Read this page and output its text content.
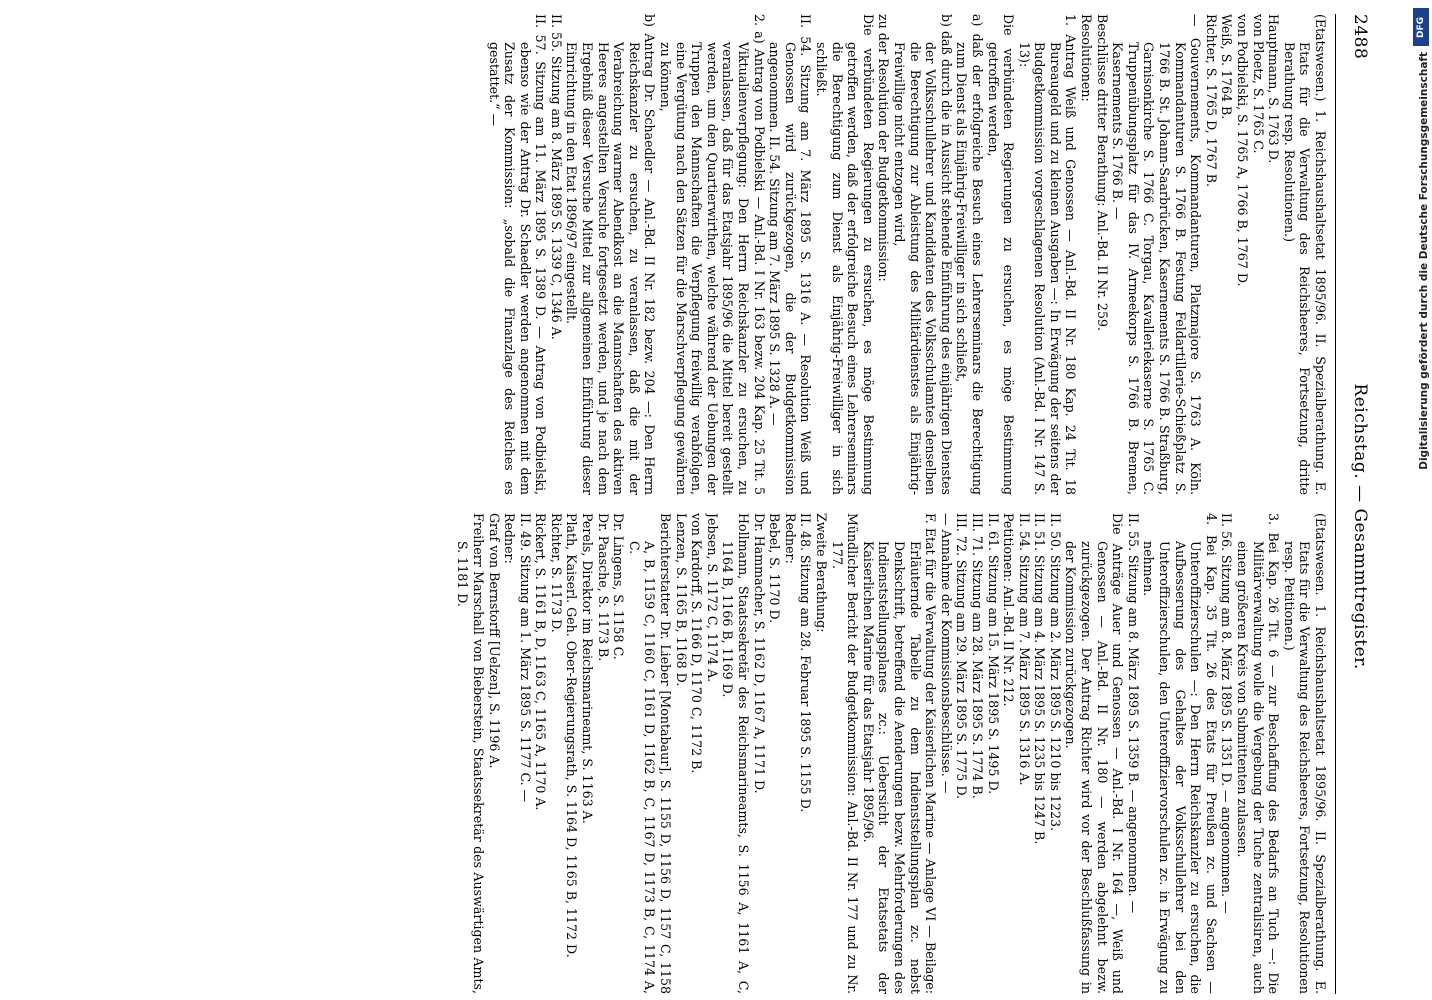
2488
Reichstag. — Gesammtregister.
(Etatswesen.) 1. Reichshaushaltsetat 1895/96. II. Spezialberathung. E. Etats für die Verwaltung des Reichsheeres, Fortsetzung, dritte Berathung resp. Resolutionen.)
Hauptmann, S. 1763 D.
von Ploetz, S. 1765 C.
von Podbielski, S. 1765 A, 1766 B, 1767 D.
Weiß, S. 1764 B.
Richter, S. 1765 D, 1767 B.
— Gouvernements, Kommandanturen, Platzmajore S. 1763 A. Köln. Kommandanturen S. 1766 B. Festung Feldartillerie-Schießplatz S. 1766 B. St. Johann-Saarbrücken, Kasernements S. 1766 B. Straßburg, Garnisonkirche S. 1766 C. Torgau, Kavalleriekaserne S. 1765 C. Truppenübungsplatz für das IV. Armeekorps S. 1766 B. Bremen, Kasernements S. 1766 B. —
Beschlüsse dritter Berathung: Anl.-Bd. II Nr. 259.
Resolutionen:
1. Antrag Weiß und Genossen — Anl.-Bd. II Nr. 180 Kap. 24 Tit. 18 Bureaugeld und zu kleinen Ausgaben —: In Erwägung der seitens der Budgetkommission vorgeschlagenen Resolution (Anl.-Bd. I Nr. 147 S. 13):
Die verbündeten Regierungen zu ersuchen, es möge Bestimmung getroffen werden,
a) daß der erfolgreiche Besuch eines Lehrerseminars die Berechtigung zum Dienst als Einjährig-Freiwilliger in sich schließt,
b) daß durch die in Aussicht stehende Einführung des einjährigen Dienstes der Volksschullehrer und Kandidaten des Volksschulamtes denselben die Berechtigung zur Ableistung des Militärdienstes als Einjährig-Freiwillige nicht entzogen wird,
zu der Resolution der Budgetkommission:
Die verbündeten Regierungen zu ersuchen, es möge Bestimmung getroffen werden, daß der erfolgreiche Besuch eines Lehrerseminars die Berechtigung zum Dienst als Einjährig-Freiwilliger in sich schließt.
II. 54. Sitzung am 7. März 1895 S. 1316 A. — Resolution Weiß und Genossen wird zurückgezogen, die der Budgetkommission angenommen. II. 54. Sitzung am 7. März 1895 S. 1328 A. —
2. a) Antrag von Podbielski — Anl.-Bd. I Nr. 163 bezw. 204 Kap. 25 Tit. 5 Viktualienverpflegung: Den Herrn Reichskanzler zu ersuchen, zu veranlassen, daß für das Etatsjahr 1895/96 die Mittel bereit gestellt werden, um den Quartierwirthen, welche während der Uebungen der Truppen den Mannschaften die Verpflegung freiwillig verabfolgen, eine Vergütung nach den Sätzen für die Marschverpflegung gewähren zu können,
b) Antrag Dr. Schaedler — Anl.-Bd. II Nr. 182 bezw. 204 —: Den Herrn Reichskanzler zu ersuchen, zu veranlassen, daß die mit der Verabreichung warmer Abendkost an die Mannschaften des aktiven Heeres angestellten Versuche fortgesetzt werden, und je nach dem Ergebniß dieser Versuche Mittel zur allgemeinen Einführung dieser Einrichtung in den Etat 1896/97 eingestellt.
II. 55. Sitzung am 8. März 1895 S. 1339 C, 1346 A.
II. 57. Sitzung am 11. März 1895 S. 1389 D. — Antrag von Podbielski, ebenso wie der Antrag Dr. Schaedler werden angenommen mit dem Zusatz der Kommission: „sobald die Finanzlage des Reiches es gestattet.“ —
(Etatswesen. 1. Reichshaushaltsetat 1895/96. II. Spezialberathung. E. Etats für die Verwaltung des Reichsheeres, Fortsetzung, Resolutionen resp. Petitionen.)
3. Bei Kap. 26 Tit. 6 — zur Beschaffung des Bedarfs an Tuch —: Die Militärverwaltung wolle die Vergebung der Tuche zentralisiren, auch einen größeren Kreis von Submittenten zulassen.
II. 56. Sitzung am 8. März 1895 S. 1351 D. — angenommen. —
4. Bei Kap. 35 Tit. 26 des Etats für Preußen zc. und Sachsen — Unteroffizierschulen —: Den Herrn Reichskanzler zu ersuchen, die Aufbesserung des Gehaltes der Volksschullehrer bei den Unteroffizierschulen, den Unteroffiziervorschulen zc. in Erwägung zu nehmen.
II. 55. Sitzung am 8. März 1895 S. 1359 B. — angenommen. —
Die Anträge Auer und Genossen — Anl.-Bd. I Nr. 164 —, Weiß und Genossen — Anl.-Bd. II Nr. 180 — werden abgelehnt bezw. zurückgezogen. Der Antrag Richter wird vor der Beschlußfassung in der Kommission zurückgezogen.
II. 50. Sitzung am 2. März 1895 S. 1210 bis 1223.
II. 51. Sitzung am 4. März 1895 S. 1235 bis 1247 B.
II. 54. Sitzung am 7. März 1895 S. 1316 A.
Petitionen: Anl.-Bd. II Nr. 212.
II. 61. Sitzung am 15. März 1895 S. 1495 D.
III. 71. Sitzung am 28. März 1895 S. 1774 B.
III. 72. Sitzung am 29. März 1895 S. 1775 D.
— Annahme der Kommissionsbeschlüsse. —
F. Etat für die Verwaltung der Kaiserlichen Marine — Anlage VI — Beilage: Erläuternde Tabelle zu dem Indienststellungsplan zc. nebst Denkschrift, betreffend die Aenderungen bezw. Mehrforderungen des Indienststellungsplanes zc.: Uebersicht der Etatsetats der Kaiserlichen Marine für das Etatsjahr 1895/96.
Mündlicher Bericht der Budgetkommission: Anl.-Bd. II Nr. 177 und zu Nr. 177.
Zweite Berathung:
II. 48. Sitzung am 28. Februar 1895 S. 1155 D.
Redner:
Bebel, S. 1170 D.
Dr. Hammacher, S. 1162 D, 1167 A, 1171 D.
Hollmann, Staatssekretär des Reichsmarineamts, S. 1156 A, 1161 A, C, 1164 B, 1166 B, 1169 D.
Jebsen, S. 1172 C, 1174 A.
von Kardorff, S. 1166 D, 1170 C, 1172 B.
Lenzen, S. 1165 B, 1168 D.
Berichterstatter Dr. Lieber [Montabaur], S. 1155 D, 1156 D, 1157 C, 1158 A, B, 1159 C, 1160 C, 1161 D, 1162 B, C, 1167 D, 1173 B, C, 1174 A, C.
Dr. Lingens, S. 1158 C.
Dr. Paasche, S. 1173 B.
Perels, Direktor im Reichsmarineamt, S. 1163 A.
Plath, Kaiserl. Geh. Ober-Regierungsrath, S. 1164 D, 1165 B, 1172 D.
Richter, S. 1173 D.
Rickert, S. 1161 B, D, 1163 C, 1165 A, 1170 A.
II. 49. Sitzung am 1. März 1895 S. 1177 C. —
Redner:
Graf von Bernstorff [Uelzen], S. 1196 A.
Freiherr Marschall von Bieberstein, Staatssekretär des Auswärtigen Amts, S. 1181 D.
DFG
Digitalisierung gefördert durch die Deutsche Forschungsgemeinschaft
